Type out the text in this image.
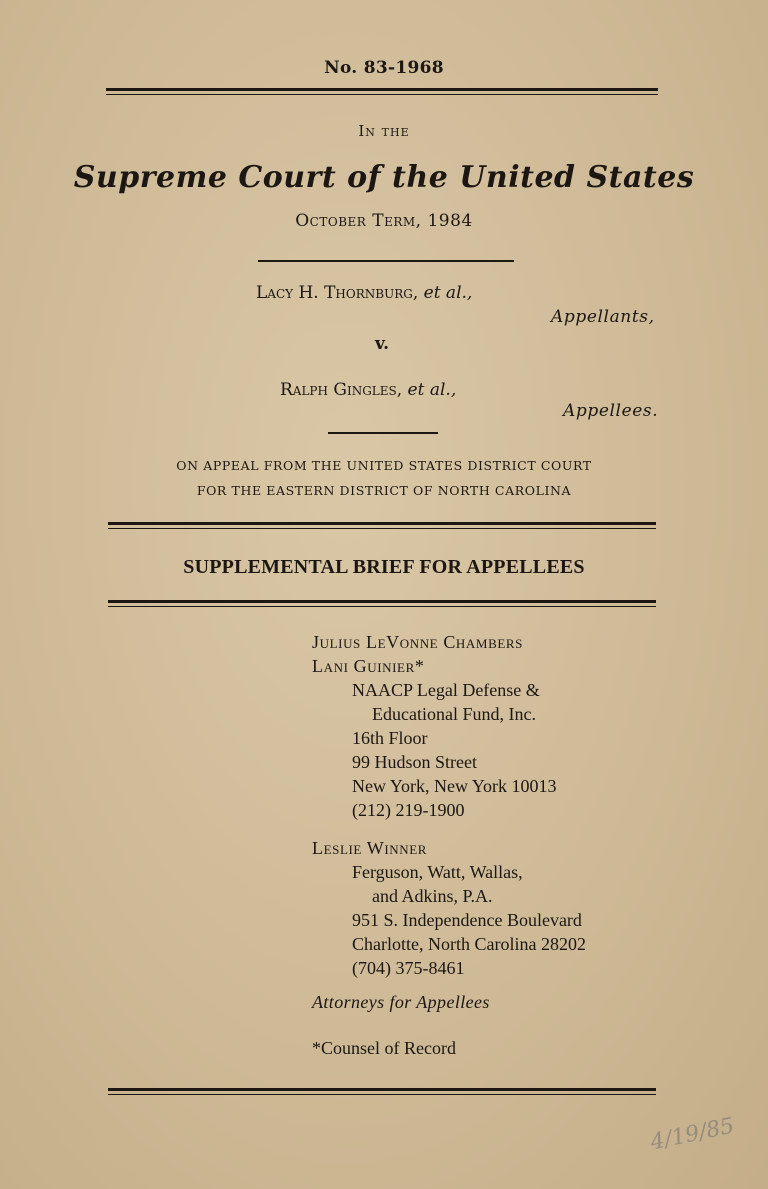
No. 83-1968
In the
Supreme Court of the United States
October Term, 1984
Lacy H. Thornburg, et al.,
Appellants,
v.
Ralph Gingles, et al.,
Appellees.
ON APPEAL FROM THE UNITED STATES DISTRICT COURT
FOR THE EASTERN DISTRICT OF NORTH CAROLINA
SUPPLEMENTAL BRIEF FOR APPELLEES
Julius LeVonne Chambers
Lani Guinier*
NAACP Legal Defense &
Educational Fund, Inc.
16th Floor
99 Hudson Street
New York, New York 10013
(212) 219-1900
Leslie Winner
Ferguson, Watt, Wallas,
and Adkins, P.A.
951 S. Independence Boulevard
Charlotte, North Carolina 28202
(704) 375-8461
Attorneys for Appellees
*Counsel of Record
4/19/85
